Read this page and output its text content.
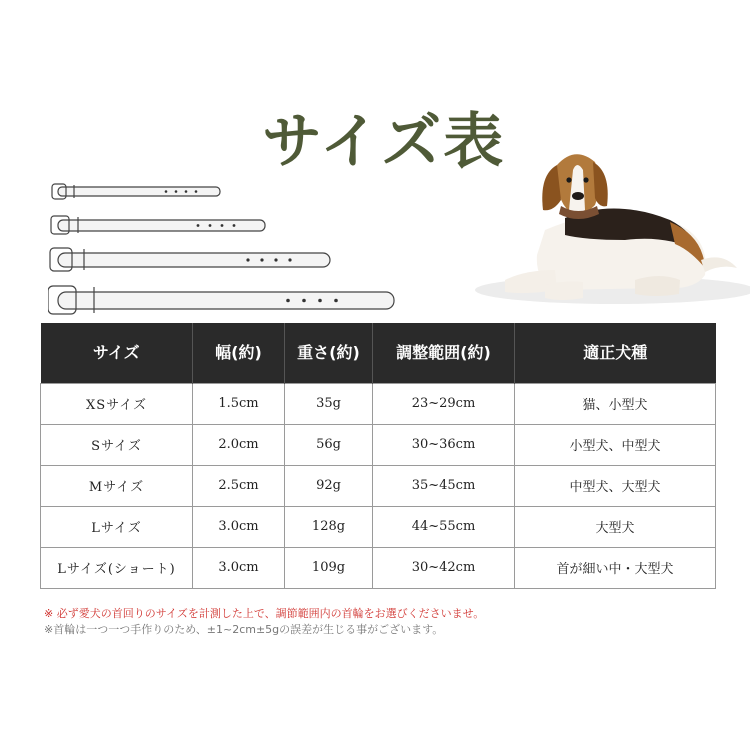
サイズ表
サイズ	幅(約)	重さ(約)	調整範囲(約)	適正犬種
XSサイズ	1.5cm	35g	23~29cm	猫、小型犬
Sサイズ	2.0cm	56g	30~36cm	小型犬、中型犬
Mサイズ	2.5cm	92g	35~45cm	中型犬、大型犬
Lサイズ	3.0cm	128g	44~55cm	大型犬
Lサイズ(ショート)	3.0cm	109g	30~42cm	首が細い中・大型犬
※ 必ず愛犬の首回りのサイズを計測した上で、調節範囲内の首輪をお選びくださいませ。
※首輪は一つ一つ手作りのため、±1~2cm±5gの誤差が生じる事がございます。
